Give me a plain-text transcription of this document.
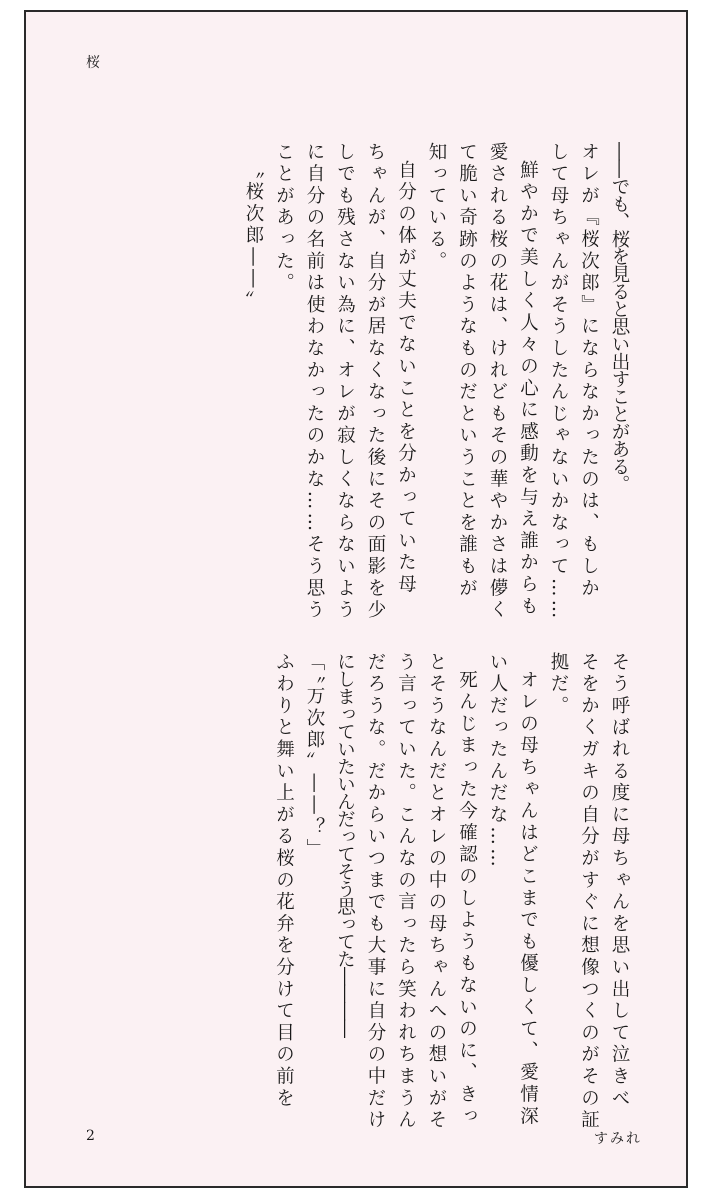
桜
――でも、桜を見ると思い出すことがある。
オレが『桜次郎』にならなかったのは、もしか
して母ちゃんがそうしたんじゃないかなって……
鮮やかで美しく人々の心に感動を与え誰からも
愛される桜の花は、けれどもその華やかさは儚く
て脆い奇跡のようなものだということを誰もが
知っている。
自分の体が丈夫でないことを分かっていた母
ちゃんが、自分が居なくなった後にその面影を少
しでも残さない為に、オレが寂しくならないよう
に自分の名前は使わなかったのかな……そう思う
ことがあった。
〝桜次郎――〟
そう呼ばれる度に母ちゃんを思い出して泣きべ
そをかくガキの自分がすぐに想像つくのがその証
拠だ。
オレの母ちゃんはどこまでも優しくて、愛情深
い人だったんだな……
死んじまった今確認のしようもないのに、きっ
とそうなんだとオレの中の母ちゃんへの想いがそ
う言っていた。こんなの言ったら笑われちまうん
だろうな。だからいつまでも大事に自分の中だけ
にしまっていたいんだってそう思ってた――――
「〝万次郎〟――？」
ふわりと舞い上がる桜の花弁を分けて目の前を
2	すみれ
